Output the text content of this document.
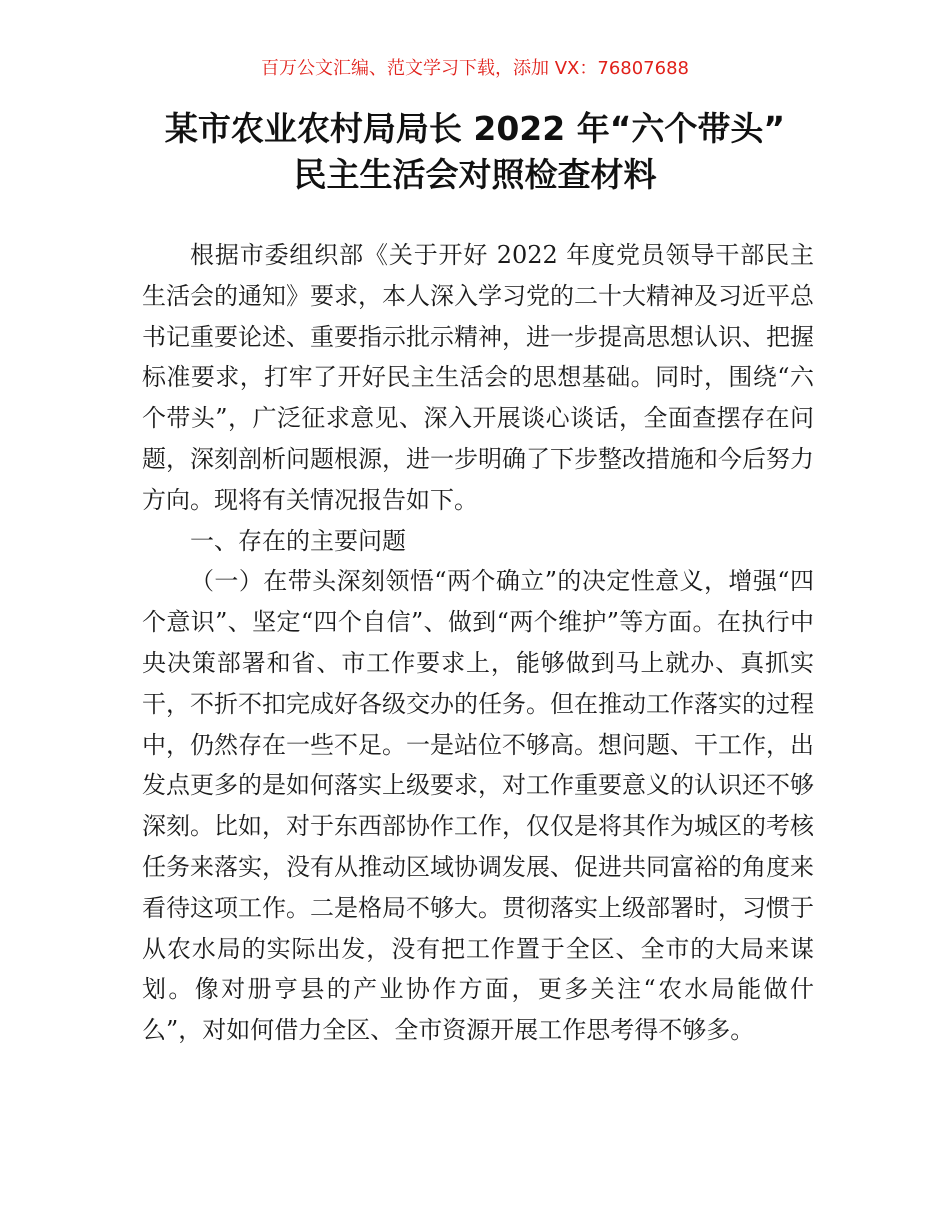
百万公文汇编、范文学习下载，添加 VX：76807688
某市农业农村局局长 2022 年“六个带头”
民主生活会对照检查材料

根据市委组织部《关于开好 2022 年度党员领导干部民主生活会的通知》要求，本人深入学习党的二十大精神及习近平总书记重要论述、重要指示批示精神，进一步提高思想认识、把握标准要求，打牢了开好民主生活会的思想基础。同时，围绕“六个带头”，广泛征求意见、深入开展谈心谈话，全面查摆存在问题，深刻剖析问题根源，进一步明确了下步整改措施和今后努力方向。现将有关情况报告如下。

一、存在的主要问题

（一）在带头深刻领悟“两个确立”的决定性意义，增强“四个意识”、坚定“四个自信”、做到“两个维护”等方面。在执行中央决策部署和省、市工作要求上，能够做到马上就办、真抓实干，不折不扣完成好各级交办的任务。但在推动工作落实的过程中，仍然存在一些不足。一是站位不够高。想问题、干工作，出发点更多的是如何落实上级要求，对工作重要意义的认识还不够深刻。比如，对于东西部协作工作，仅仅是将其作为城区的考核任务来落实，没有从推动区域协调发展、促进共同富裕的角度来看待这项工作。二是格局不够大。贯彻落实上级部署时，习惯于从农水局的实际出发，没有把工作置于全区、全市的大局来谋划。像对册亨县的产业协作方面，更多关注“农水局能做什么”，对如何借力全区、全市资源开展工作思考得不够多。
